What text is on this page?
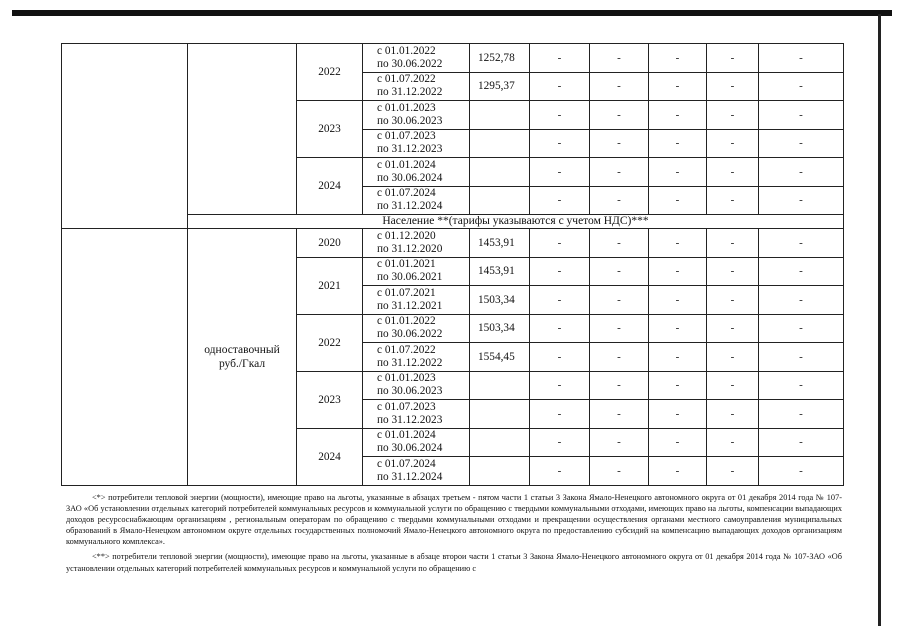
		2022	с 01.01.2022
по 30.06.2022	1252,78	-	-	-	-	-

			с 01.07.2022
по 31.12.2022	1295,37	-	-	-	-	-
		2023	с 01.01.2023
по 30.06.2023		-	-	-	-	-

			с 01.07.2023
по 31.12.2023		-	-	-	-	-
		2024	с 01.01.2024
по 30.06.2024		-	-	-	-	-

			с 01.07.2024
по 31.12.2024		-	-	-	-	-
	Население **(тарифы указываются с учетом НДС)***								

	одноставочный
руб./Гкал	2020	с 01.12.2020
по 31.12.2020	1453,91	-	-	-	-	-
		2021	с 01.01.2021
по 30.06.2021	1453,91	-	-	-	-	-

			с 01.07.2021
по 31.12.2021	1503,34	-	-	-	-	-
		2022	с 01.01.2022
по 30.06.2022	1503,34	-	-	-	-	-

			с 01.07.2022
по 31.12.2022	1554,45	-	-	-	-	-
		2023	с 01.01.2023
по 30.06.2023		-	-	-	-	-

			с 01.07.2023
по 31.12.2023		-	-	-	-	-
		2024	с 01.01.2024
по 30.06.2024		-	-	-	-	-

			с 01.07.2024
по 31.12.2024		-	-	-	-	-

<*> потребители тепловой энергии (мощности), имеющие право на льготы, указанные в абзацах третьем - пятом части 1 статьи 3 Закона Ямало-Ненецкого автономного округа от 01 декабря 2014 года № 107-ЗАО «Об установлении отдельных категорий потребителей коммунальных ресурсов и коммунальной услуги по обращению с твердыми коммунальными отходами, имеющих право на льготы, компенсации выпадающих доходов ресурсоснабжающим организациям , региональным операторам по обращению с твердыми коммунальными отходами и прекращении осуществления органами местного самоуправления муниципальных образований в Ямало-Ненецком автономном округе отдельных государственных полномочий Ямало-Ненецкого автономного округа по предоставлению субсидий на компенсацию выпадающих доходов организациям коммунального комплекса».

<**> потребители тепловой энергии (мощности), имеющие право на льготы, указанные в абзаце второи части 1 статьи 3 Закона Ямало-Ненецкого автономного округа от 01 декабря 2014 года № 107-ЗАО «Об установлении отдельных категорий потребителей коммунальных ресурсов и коммунальной услуги по обращению с
